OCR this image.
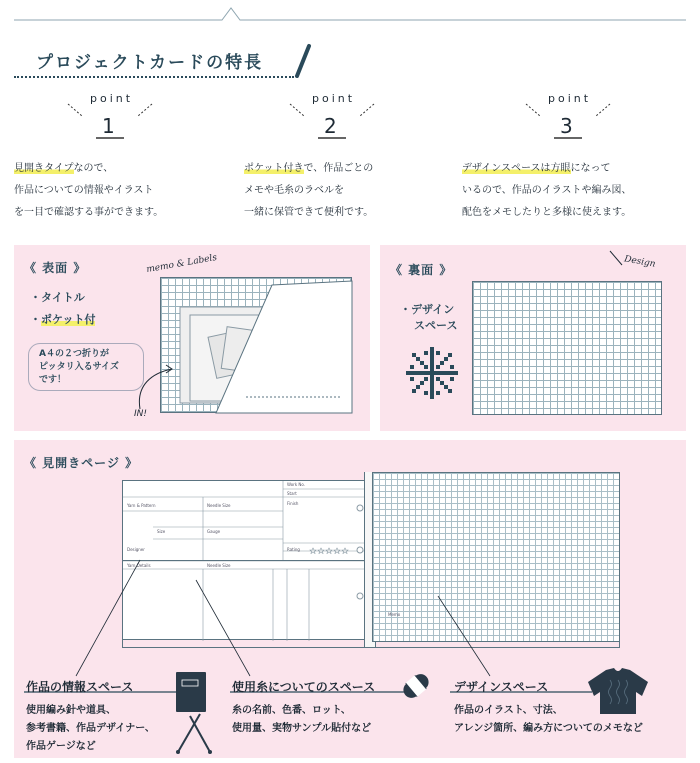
プロジェクトカードの特長
point
1
見開きタイプなので、
作品についての情報やイラスト
を一目で確認する事ができます。
point
2
ポケット付きで、作品ごとの
メモや毛糸のラベルを
一緒に保管できて便利です。
point
3
デザインスペースは方眼になって
いるので、作品のイラストや編み図、
配色をメモしたりと多様に使えます。
《 表面 》
・タイトル
・ポケット付
A４の２つ折りが
ピッタリ入るサイズ
です！
memo & Labels
IN!
《 裏面 》
・デザイン
スペース
Design
《 見開きページ 》
Work No.
Start
Finish
Yarn & Pattern	Needle Size
Size	Gauge
Designer	Rating
Yarn Details	Needle Size
Memo
作品の情報スペース
使用編み針や道具、
参考書籍、作品デザイナー、
作品ゲージなど
使用糸についてのスペース
糸の名前、色番、ロット、
使用量、実物サンプル貼付など
デザインスペース
作品のイラスト、寸法、
アレンジ箇所、編み方についてのメモなど
